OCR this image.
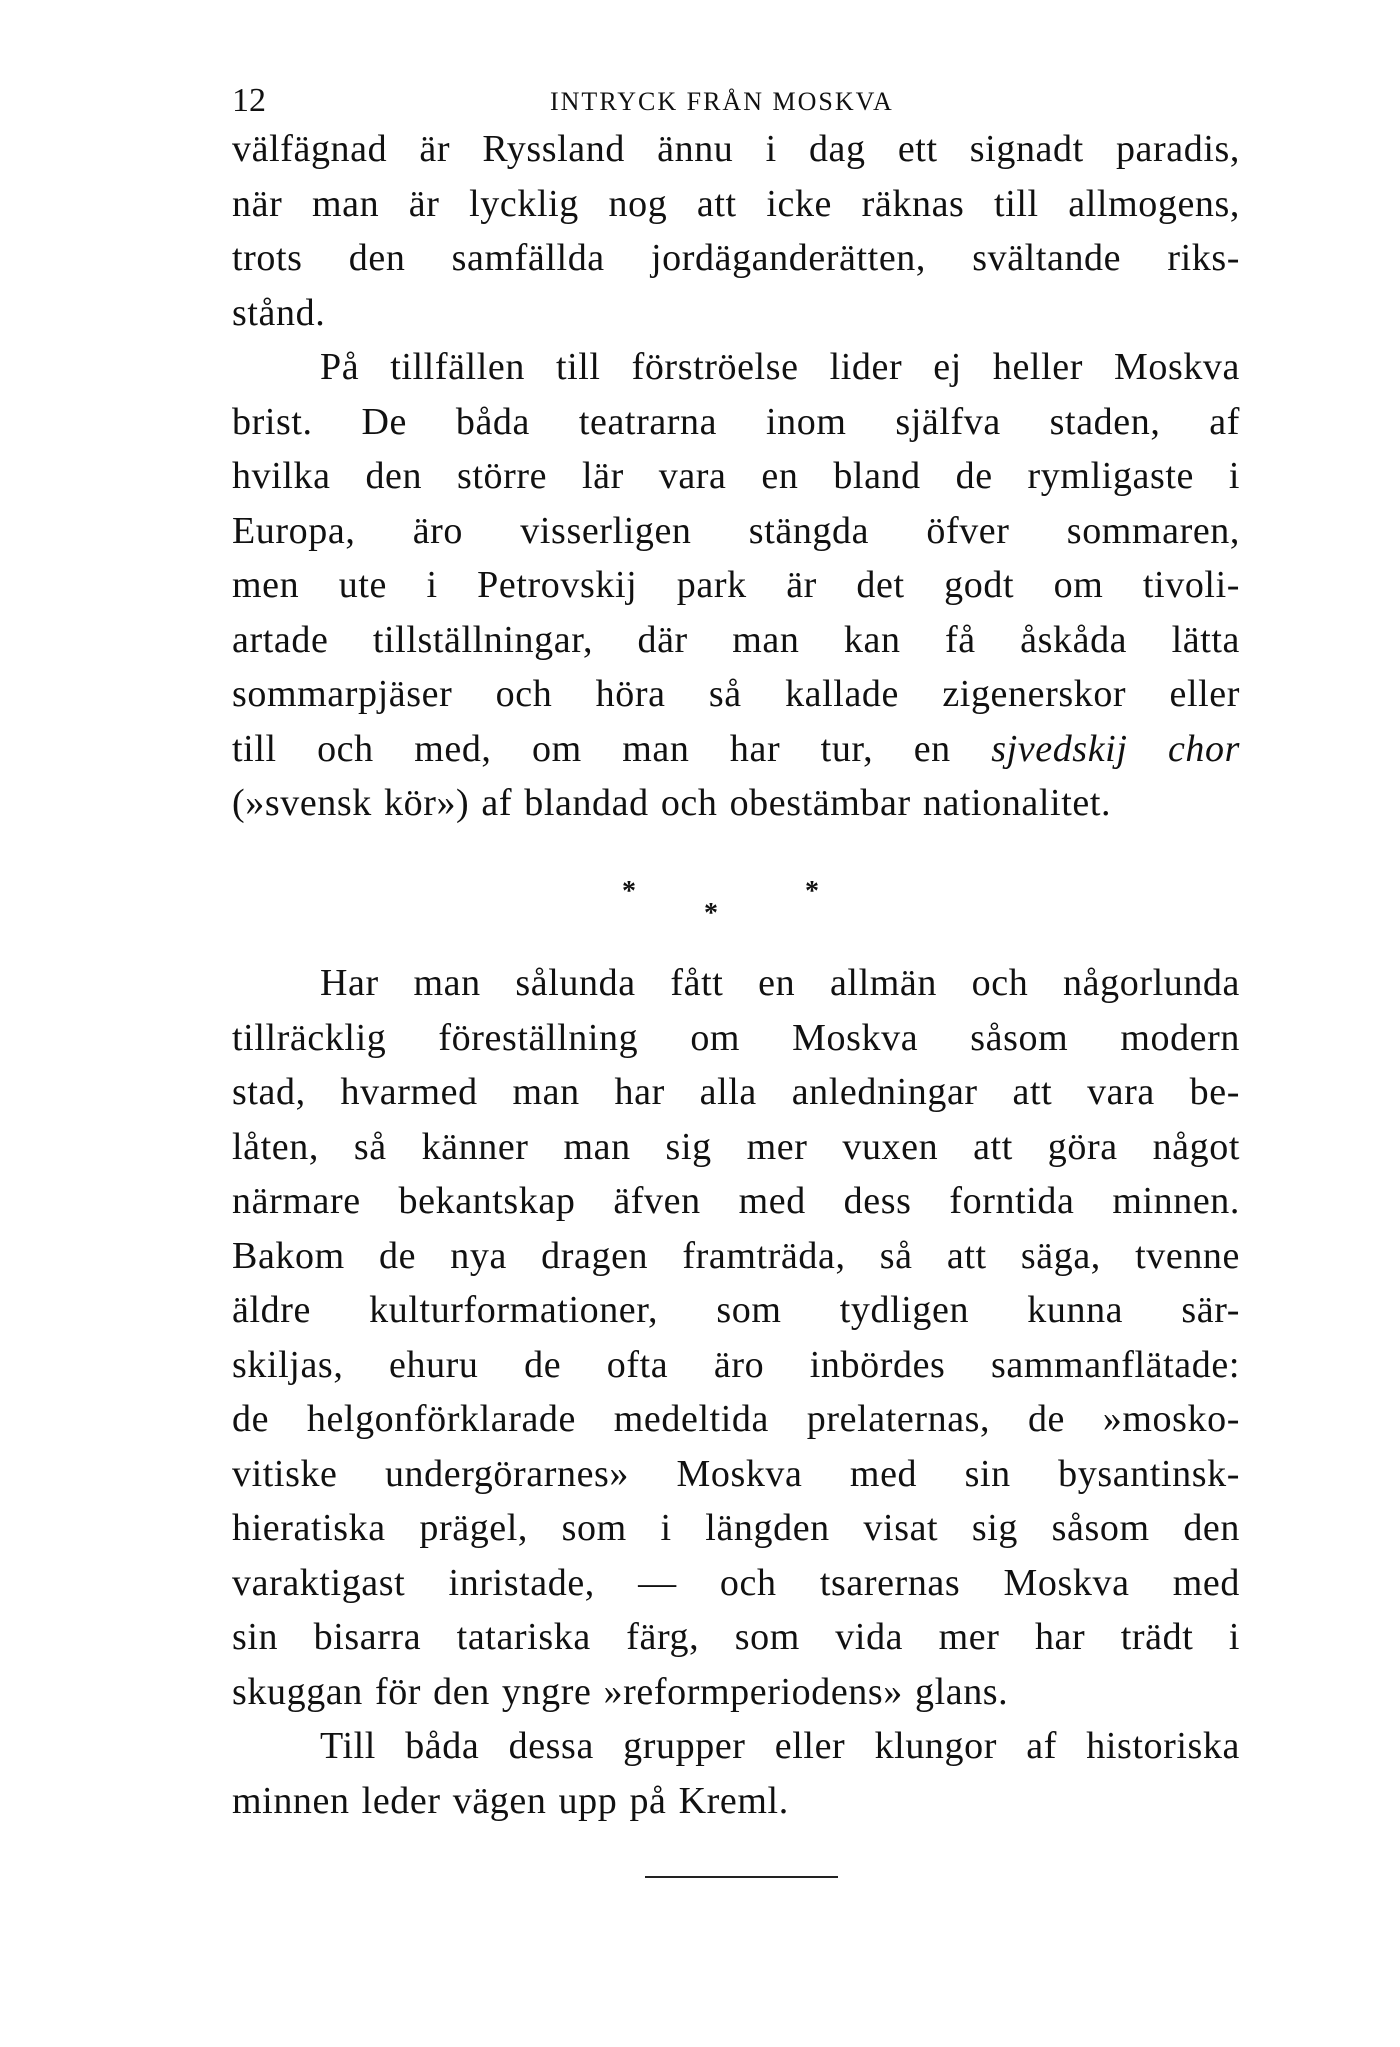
12	INTRYCK FRÅN MOSKVA
välfägnad är Ryssland ännu i dag ett signadt paradis,
när man är lycklig nog att icke räknas till allmogens,
trots den samfällda jordäganderätten, svältande riks-
stånd.
På tillfällen till förströelse lider ej heller Moskva
brist. De båda teatrarna inom själfva staden, af
hvilka den större lär vara en bland de rymligaste i
Europa, äro visserligen stängda öfver sommaren,
men ute i Petrovskij park är det godt om tivoli-
artade tillställningar, där man kan få åskåda lätta
sommarpjäser och höra så kallade zigenerskor eller
till och med, om man har tur, en sjvedskij chor
(»svensk kör») af blandad och obestämbar nationalitet.
*
*
*
Har man sålunda fått en allmän och någorlunda
tillräcklig föreställning om Moskva såsom modern
stad, hvarmed man har alla anledningar att vara be-
låten, så känner man sig mer vuxen att göra något
närmare bekantskap äfven med dess forntida minnen.
Bakom de nya dragen framträda, så att säga, tvenne
äldre kulturformationer, som tydligen kunna sär-
skiljas, ehuru de ofta äro inbördes sammanflätade:
de helgonförklarade medeltida prelaternas, de »mosko-
vitiske undergörarnes» Moskva med sin bysantinsk-
hieratiska prägel, som i längden visat sig såsom den
varaktigast inristade, — och tsarernas Moskva med
sin bisarra tatariska färg, som vida mer har trädt i
skuggan för den yngre »reformperiodens» glans.
Till båda dessa grupper eller klungor af historiska
minnen leder vägen upp på Kreml.
